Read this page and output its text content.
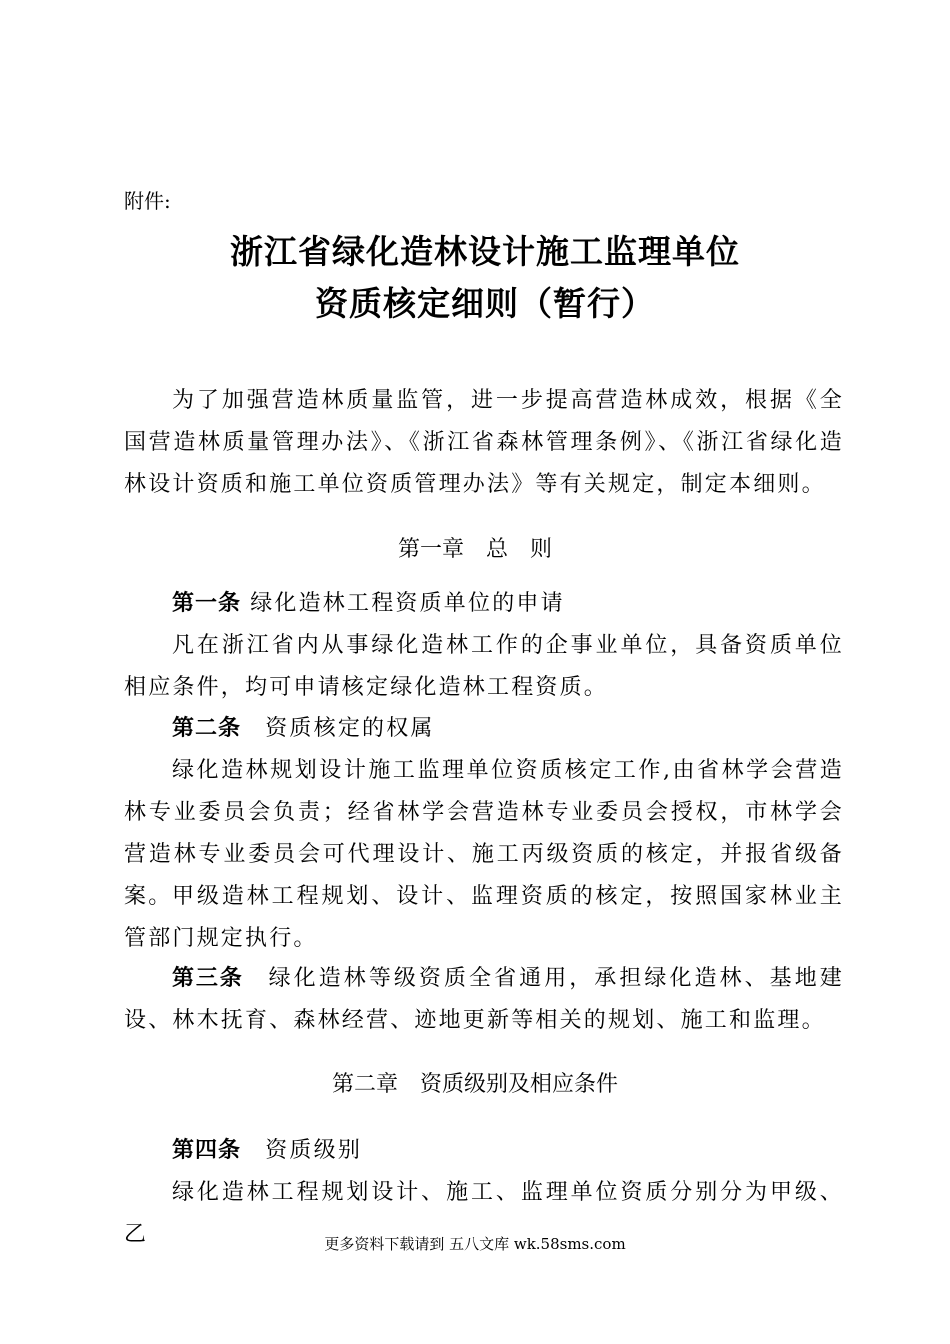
附件:
浙江省绿化造林设计施工监理单位
资质核定细则（暂行）
为了加强营造林质量监管，进一步提高营造林成效，根据《全国营造林质量管理办法》、《浙江省森林管理条例》、《浙江省绿化造林设计资质和施工单位资质管理办法》等有关规定，制定本细则。
第一章　总　则
第一条 绿化造林工程资质单位的申请
凡在浙江省内从事绿化造林工作的企事业单位，具备资质单位相应条件，均可申请核定绿化造林工程资质。
第二条　资质核定的权属
绿化造林规划设计施工监理单位资质核定工作,由省林学会营造林专业委员会负责；经省林学会营造林专业委员会授权，市林学会营造林专业委员会可代理设计、施工丙级资质的核定，并报省级备案。 甲级造林工程规划、设计、监理资质的核定，按照国家林业主管部门规定执行。
第三条　绿化造林等级资质全省通用，承担绿化造林、基地建设、林木抚育、森林经营、迹地更新等相关的规划、施工和监理。
第二章　资质级别及相应条件
第四条　资质级别
绿化造林工程规划设计、施工、监理单位资质分别分为甲级、乙	更多资料下载请到 五八文库 wk.58sms.com
